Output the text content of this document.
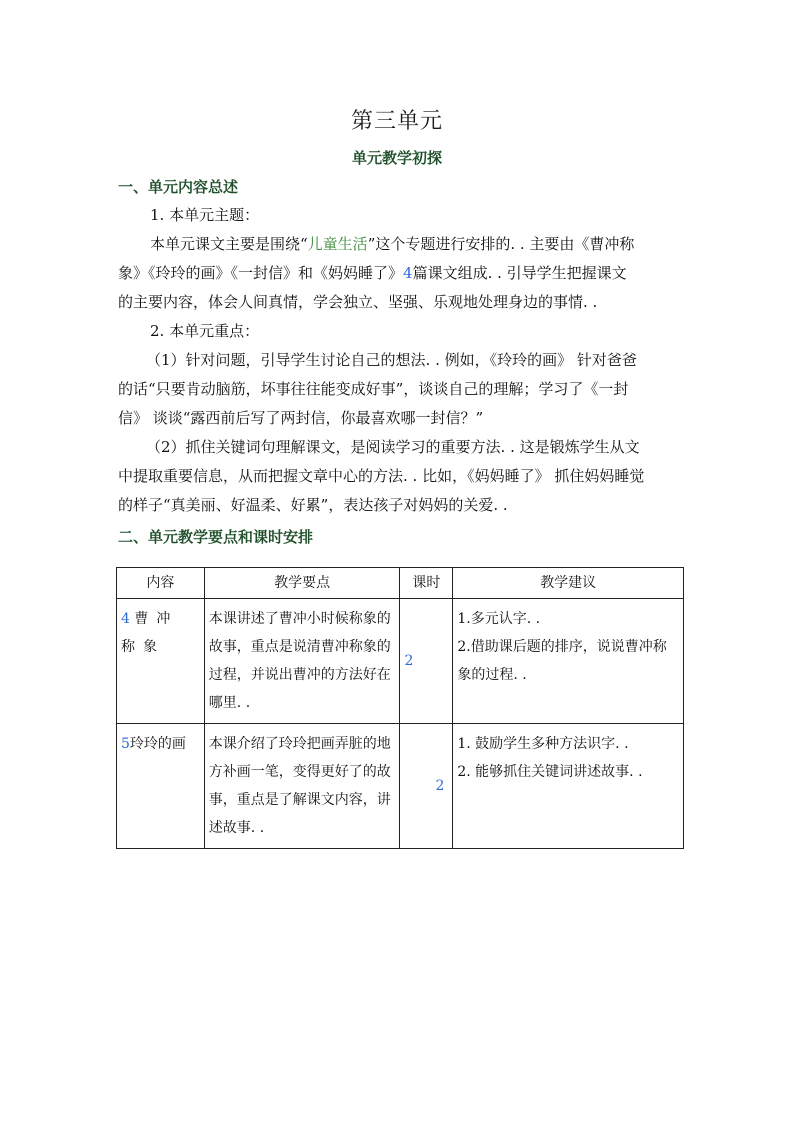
第三单元
单元教学初探
一、单元内容总述
1. 本单元主题：
本单元课文主要是围绕“儿童生活”这个专题进行安排的. . 主要由《曹冲称
象》《玲玲的画》《一封信》和《妈妈睡了》4篇课文组成. . 引导学生把握课文
的主要内容，体会人间真情，学会独立、坚强、乐观地处理身边的事情. .
2. 本单元重点：
（1）针对问题，引导学生讨论自己的想法. . 例如，《玲玲的画》 针对爸爸
的话“只要肯动脑筋，坏事往往能变成好事”，谈谈自己的理解；学习了《一封
信》 谈谈“露西前后写了两封信，你最喜欢哪一封信？”
（2）抓住关键词句理解课文，是阅读学习的重要方法. . 这是锻炼学生从文
中提取重要信息，从而把握文章中心的方法. . 比如，《妈妈睡了》 抓住妈妈睡觉
的样子“真美丽、好温柔、好累”，表达孩子对妈妈的关爱. .
二、单元教学要点和课时安排
内容	教学要点	课时	教学建议
4 曹冲称象	本课讲述了曹冲小时候称象的故事，重点是说清曹冲称象的过程，并说出曹冲的方法好在哪里. .	2	1.多元认字. .
2.借助课后题的排序，说说曹冲称象的过程. .

5玲玲的画	本课介绍了玲玲把画弄脏的地方补画一笔，变得更好了的故事，重点是了解课文内容，讲述故事. .	2	1. 鼓励学生多种方法识字. .
2. 能够抓住关键词讲述故事. .
